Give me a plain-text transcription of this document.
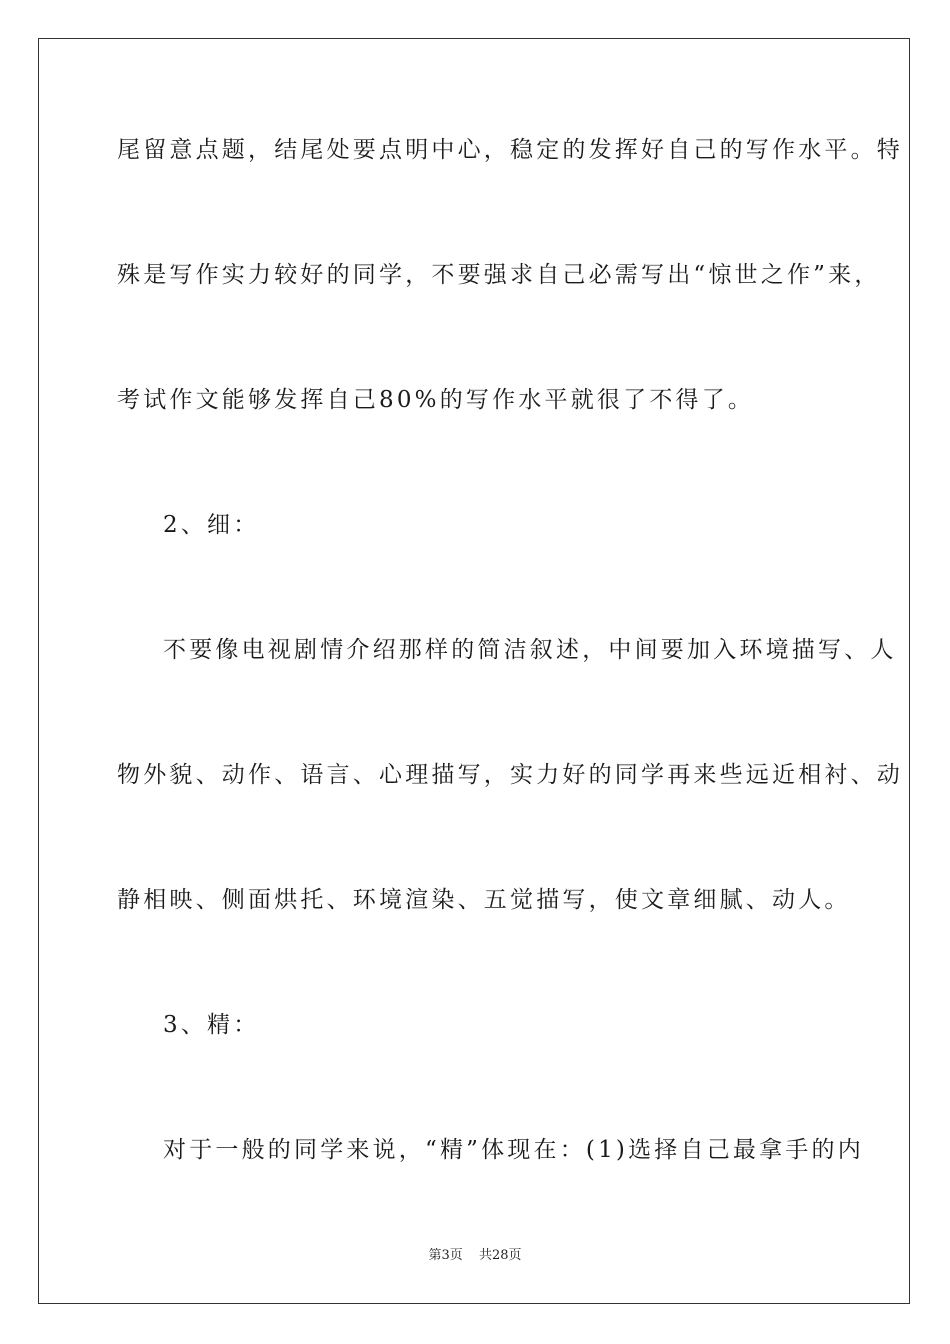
尾留意点题，结尾处要点明中心，稳定的发挥好自己的写作水平。特
殊是写作实力较好的同学，不要强求自己必需写出“惊世之作”来，
考试作文能够发挥自己80%的写作水平就很了不得了。
2、细：
不要像电视剧情介绍那样的简洁叙述，中间要加入环境描写、人
物外貌、动作、语言、心理描写，实力好的同学再来些远近相衬、动
静相映、侧面烘托、环境渲染、五觉描写，使文章细腻、动人。
3、精：
对于一般的同学来说，“精”体现在：(1)选择自己最拿手的内
第3页 共28页
